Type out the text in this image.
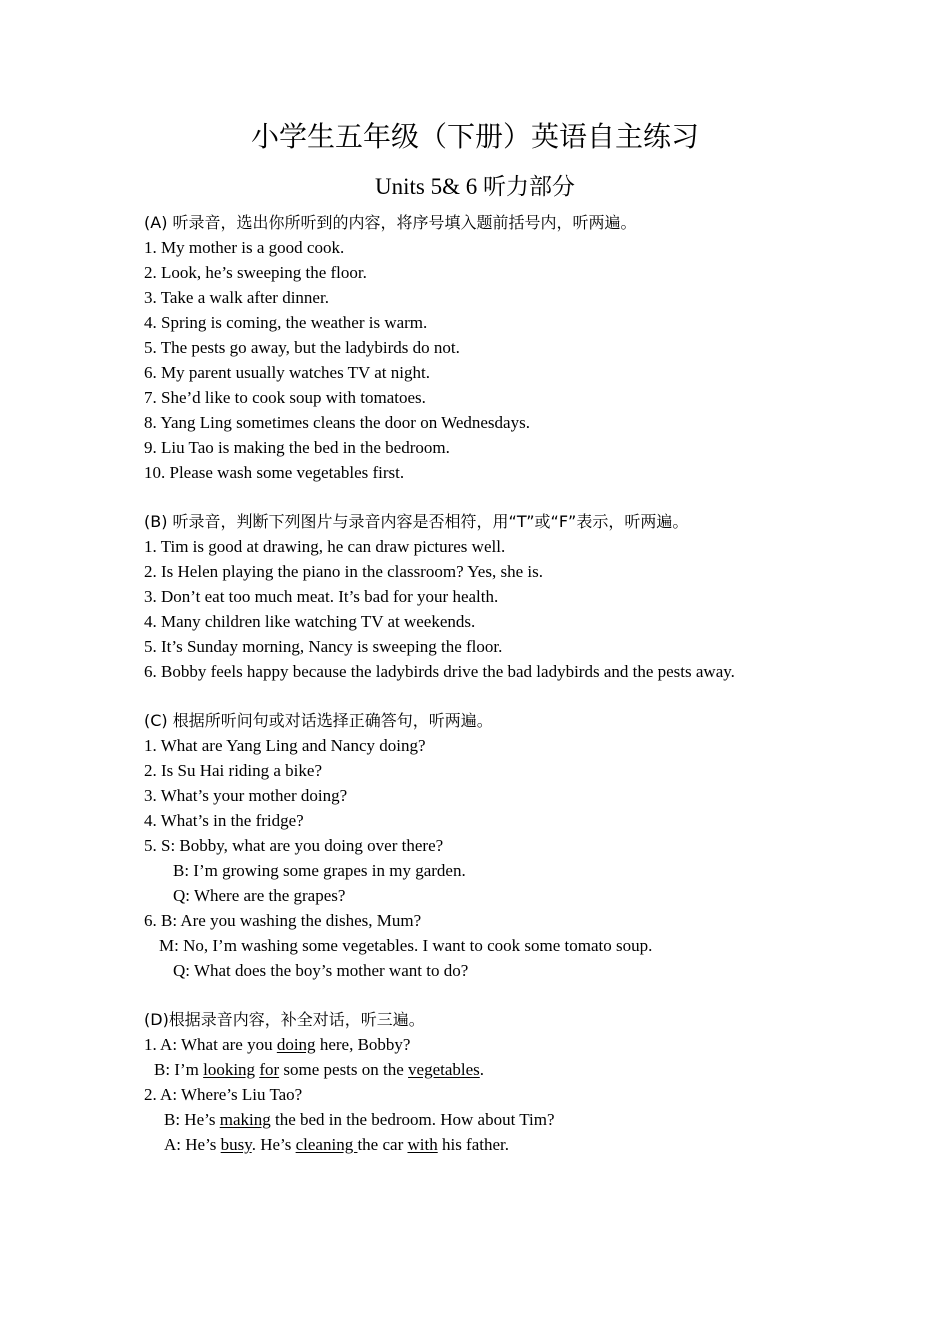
小学生五年级（下册）英语自主练习
Units 5& 6 听力部分
(A) 听录音，选出你所听到的内容，将序号填入题前括号内，听两遍。
1. My mother is a good cook.
2. Look, he’s sweeping the floor.
3. Take a walk after dinner.
4. Spring is coming, the weather is warm.
5. The pests go away, but the ladybirds do not.
6. My parent usually watches TV at night.
7. She’d like to cook soup with tomatoes.
8. Yang Ling sometimes cleans the door on Wednesdays.
9. Liu Tao is making the bed in the bedroom.
10. Please wash some vegetables first.
(B) 听录音，判断下列图片与录音内容是否相符，用“T”或“F”表示，听两遍。
1. Tim is good at drawing, he can draw pictures well.
2. Is Helen playing the piano in the classroom? Yes, she is.
3. Don’t eat too much meat. It’s bad for your health.
4. Many children like watching TV at weekends.
5. It’s Sunday morning, Nancy is sweeping the floor.
6. Bobby feels happy because the ladybirds drive the bad ladybirds and the pests away.
(C) 根据所听问句或对话选择正确答句，听两遍。
1. What are Yang Ling and Nancy doing?
2. Is Su Hai riding a bike?
3. What’s your mother doing?
4. What’s in the fridge?
5. S: Bobby, what are you doing over there?
B: I’m growing some grapes in my garden.
Q: Where are the grapes?
6. B: Are you washing the dishes, Mum?
M: No, I’m washing some vegetables. I want to cook some tomato soup.
Q: What does the boy’s mother want to do?
(D)根据录音内容，补全对话，听三遍。
1. A: What are you doing here, Bobby?
B: I’m looking for some pests on the vegetables.
2. A: Where’s Liu Tao?
B: He’s making the bed in the bedroom. How about Tim?
A: He’s busy. He’s cleaning the car with his father.
